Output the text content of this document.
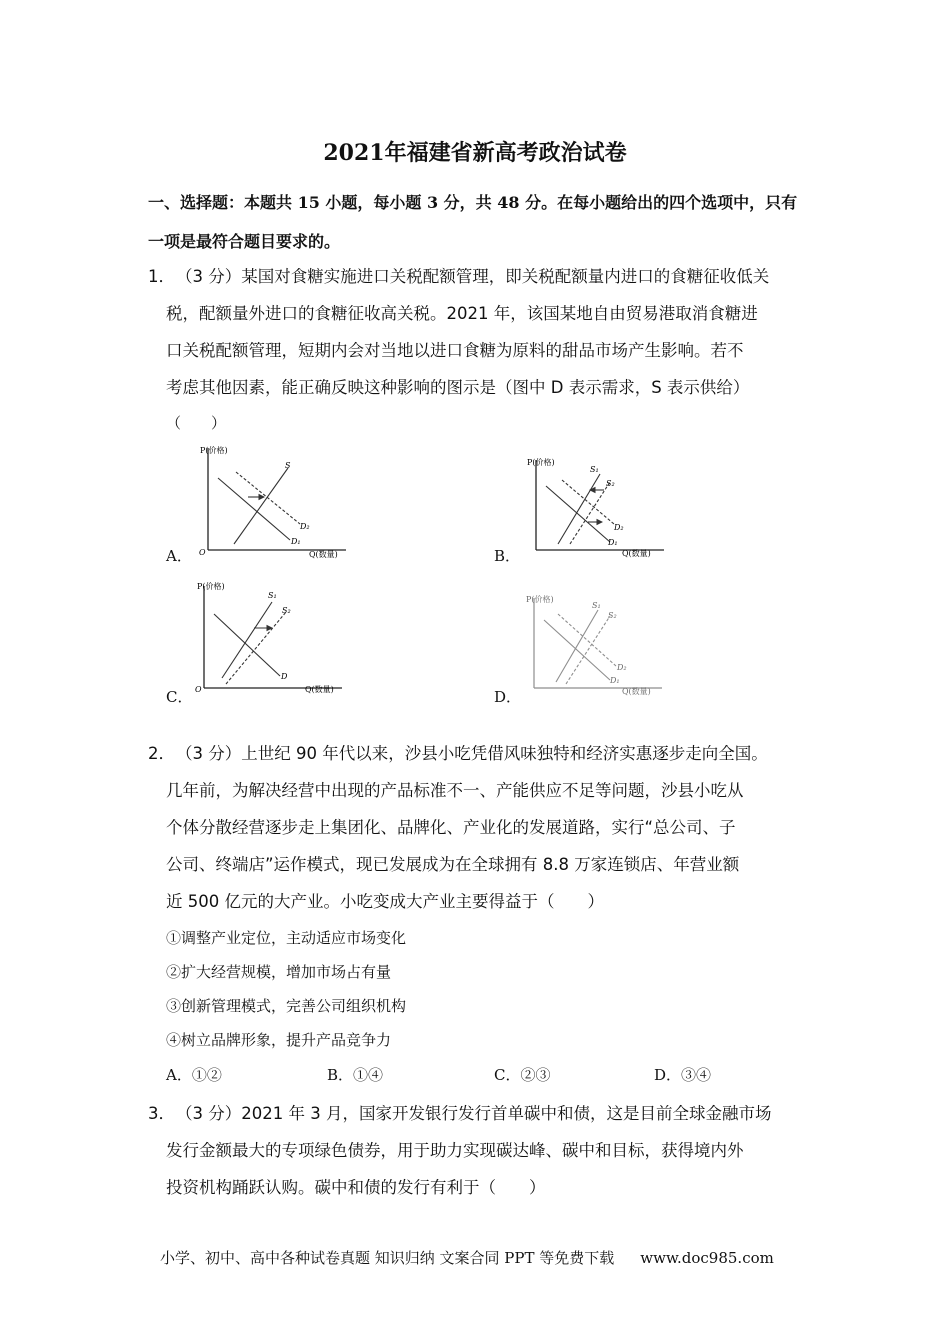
2021年福建省新高考政治试卷
一、选择题：本题共 15 小题，每小题 3 分，共 48 分。在每小题给出的四个选项中，只有
一项是最符合题目要求的。
1． （3 分）某国对食糖实施进口关税配额管理，即关税配额量内进口的食糖征收低关
税，配额量外进口的食糖征收高关税。2021 年，该国某地自由贸易港取消食糖进
口关税配额管理，短期内会对当地以进口食糖为原料的甜品市场产生影响。若不
考虑其他因素，能正确反映这种影响的图示是（图中 D 表示需求，S 表示供给）
（　　）
A．	B．
C．	D．
P(价格)
Q(数量)
O
S
D₂
D₁
P(价格)
Q(数量)
S₁
S₂
D₂
D₁
P(价格)
Q(数量)
O
S₁
S₂
D
P(价格)
Q(数量)
S₁
S₂
D₂
D₁
2． （3 分）上世纪 90 年代以来，沙县小吃凭借风味独特和经济实惠逐步走向全国。
几年前，为解决经营中出现的产品标准不一、产能供应不足等问题，沙县小吃从
个体分散经营逐步走上集团化、品牌化、产业化的发展道路，实行“总公司、子
公司、终端店”运作模式，现已发展成为在全球拥有 8.8 万家连锁店、年营业额
近 500 亿元的大产业。小吃变成大产业主要得益于（　　）
①调整产业定位，主动适应市场变化
②扩大经营规模，增加市场占有量
③创新管理模式，完善公司组织机构
④树立品牌形象，提升产品竞争力
A．①②	B．①④	C．②③	D．③④
3． （3 分）2021 年 3 月，国家开发银行发行首单碳中和债，这是目前全球金融市场
发行金额最大的专项绿色债券，用于助力实现碳达峰、碳中和目标，获得境内外
投资机构踊跃认购。碳中和债的发行有利于（　　）
小学、初中、高中各种试卷真题 知识归纳 文案合同 PPT 等免费下载 www.doc985.com
